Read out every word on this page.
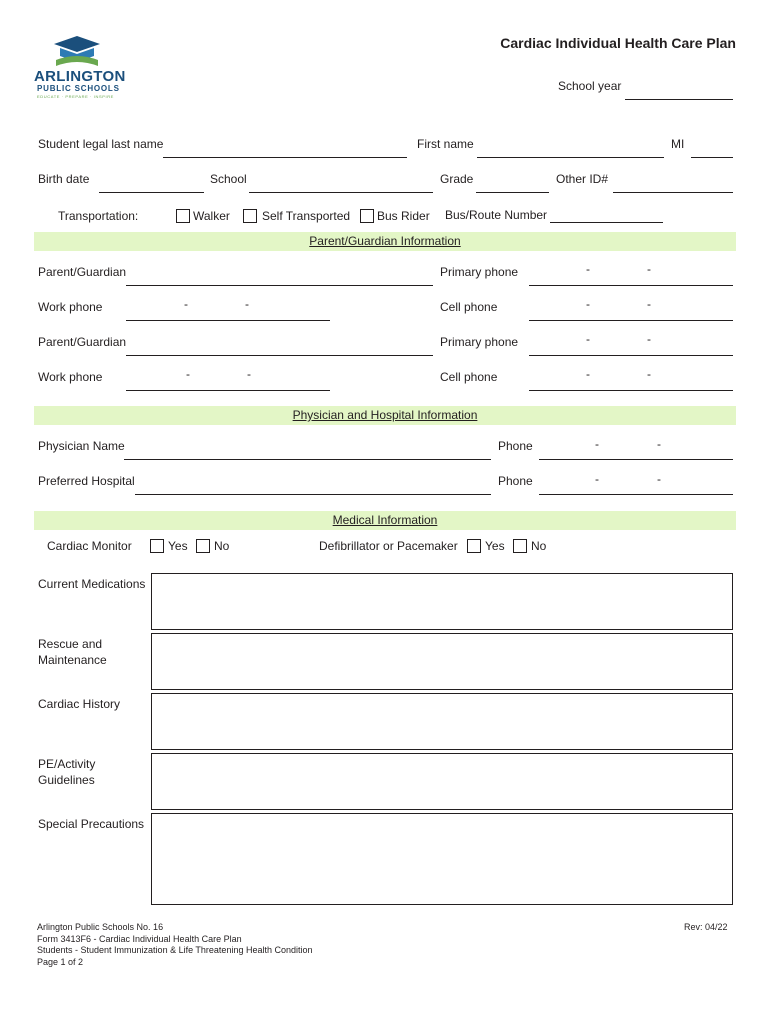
ARLINGTON
PUBLIC SCHOOLS
EDUCATE · PREPARE · INSPIRE
Cardiac Individual Health Care Plan
School year
Student legal last name	First name	MI
Birth date	School	Grade	Other ID#
Transportation:	Walker	Self Transported Bus Rider Bus/Route Number
Parent/Guardian Information
Parent/Guardian	Primary phone	-	-
Work phone	-	-	Cell phone	-	-
Parent/Guardian	Primary phone	-	-
Work phone	-	-	Cell phone	-	-
Physician and Hospital Information
Physician Name	Phone	-	-
Preferred Hospital	Phone	-	-
Medical Information
Cardiac Monitor	Yes No	Defibrillator or Pacemaker Yes No
Current Medications
Rescue and
Maintenance
Cardiac History
PE/Activity
Guidelines
Special Precautions
Arlington Public Schools No. 16
Form 3413F6 - Cardiac Individual Health Care Plan
Students - Student Immunization & Life Threatening Health Condition
Page 1 of 2
Rev: 04/22
